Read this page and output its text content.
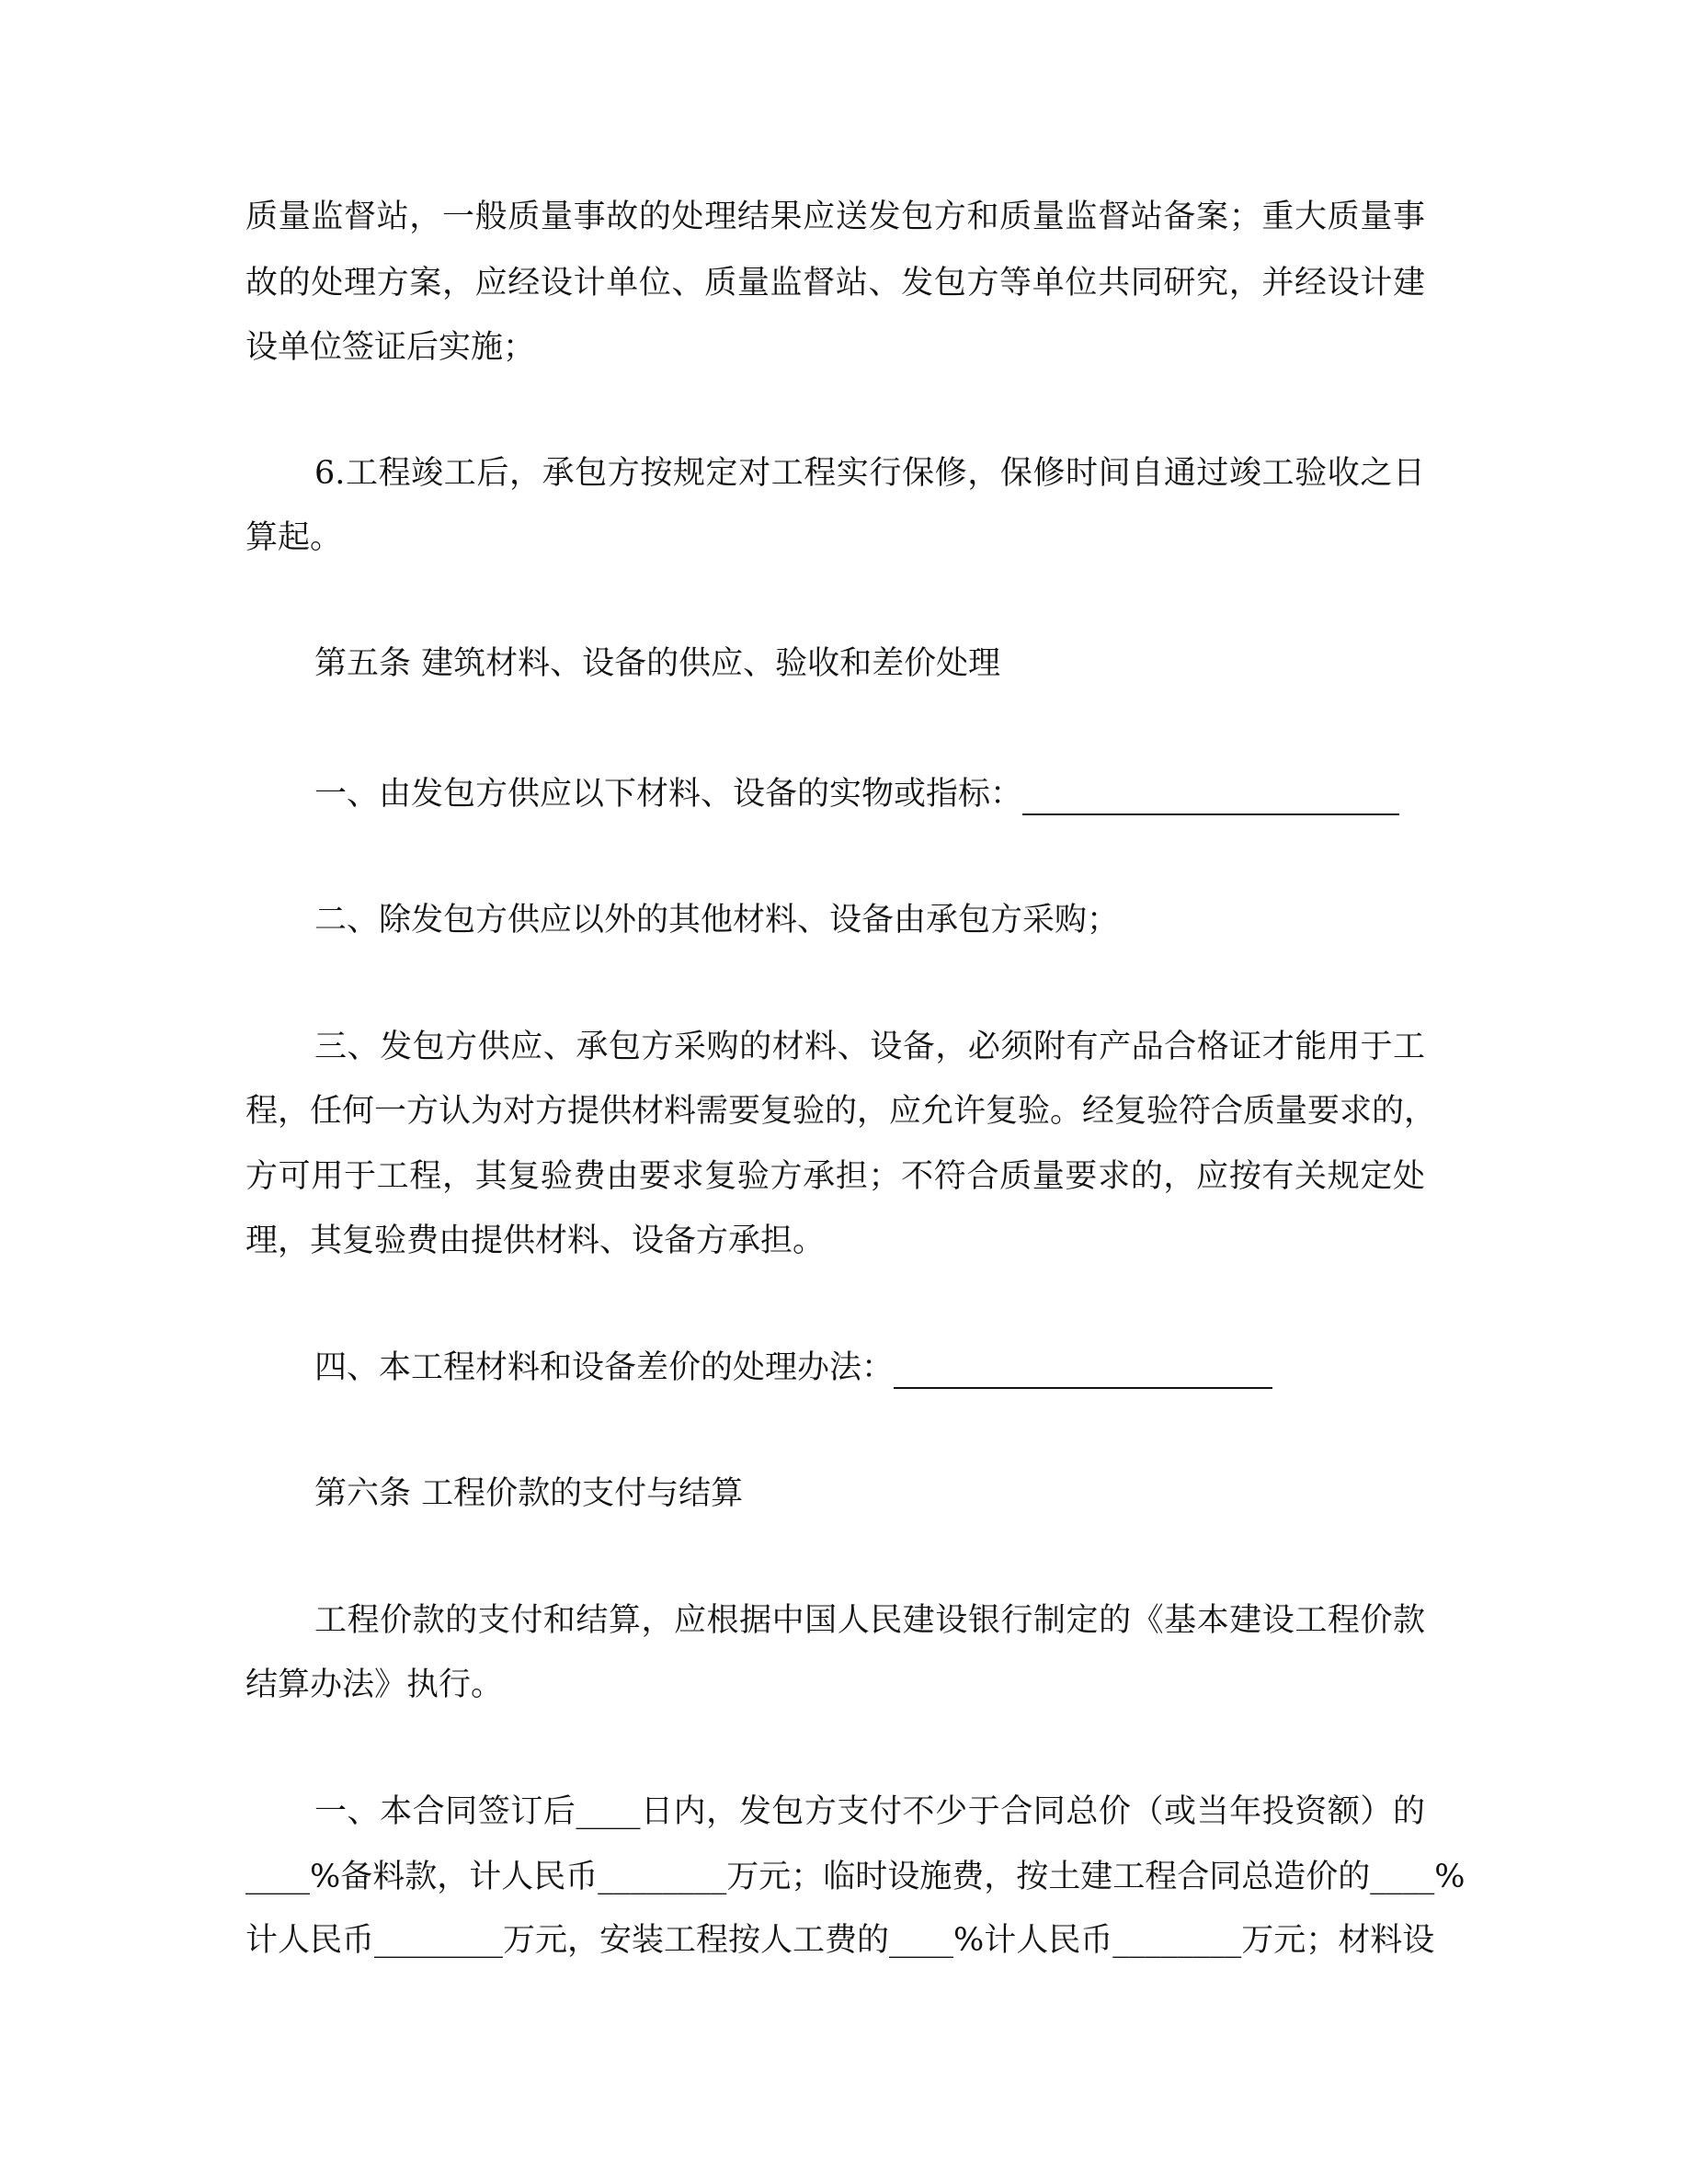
质量监督站，一般质量事故的处理结果应送发包方和质量监督站备案；重大质量事
故的处理方案，应经设计单位、质量监督站、发包方等单位共同研究，并经设计建
设单位签证后实施；
6.工程竣工后，承包方按规定对工程实行保修，保修时间自通过竣工验收之日
算起。
第五条 建筑材料、设备的供应、验收和差价处理
一、由发包方供应以下材料、设备的实物或指标：
二、除发包方供应以外的其他材料、设备由承包方采购；
三、发包方供应、承包方采购的材料、设备，必须附有产品合格证才能用于工
程，任何一方认为对方提供材料需要复验的，应允许复验。经复验符合质量要求的，
方可用于工程，其复验费由要求复验方承担；不符合质量要求的，应按有关规定处
理，其复验费由提供材料、设备方承担。
四、本工程材料和设备差价的处理办法：
第六条 工程价款的支付与结算
工程价款的支付和结算，应根据中国人民建设银行制定的《基本建设工程价款
结算办法》执行。
一、本合同签订后____日内，发包方支付不少于合同总价（或当年投资额）的
____%备料款，计人民币________万元；临时设施费，按土建工程合同总造价的____%
计人民币________万元，安装工程按人工费的____%计人民币________万元；材料设
